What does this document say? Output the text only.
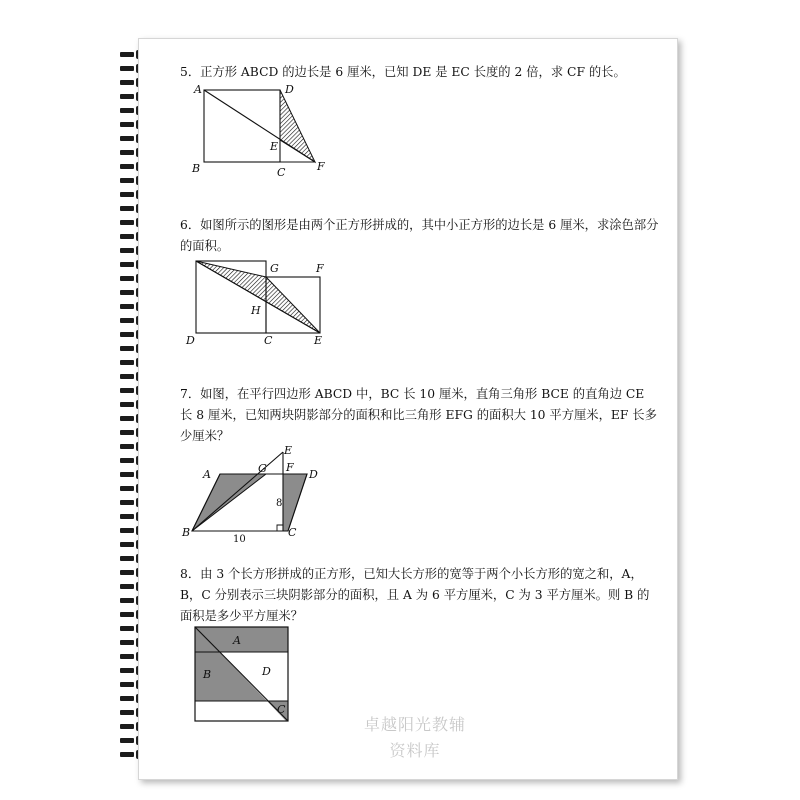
5．正方形 ABCD 的边长是 6 厘米，已知 DE 是 EC 长度的 2 倍，求 CF 的长。
A	D
E
B	C	F
6．如图所示的图形是由两个正方形拼成的，其中小正方形的边长是 6 厘米，求涂色部分的面积。
G	F
H
D	C	E
7．如图，在平行四边形 ABCD 中，BC 长 10 厘米，直角三角形 BCE 的直角边 CE 长 8 厘米，已知两块阴影部分的面积和比三角形 EFG 的面积大 10 平方厘米，EF 长多少厘米？
A	G
E
F
D
B	C
8
10
8．由 3 个长方形拼成的正方形，已知大长方形的宽等于两个小长方形的宽之和，A，B，C 分别表示三块阴影部分的面积，且 A 为 6 平方厘米，C 为 3 平方厘米。则 B 的面积是多少平方厘米？
A
B	D
C
卓越阳光教辅
资料库
